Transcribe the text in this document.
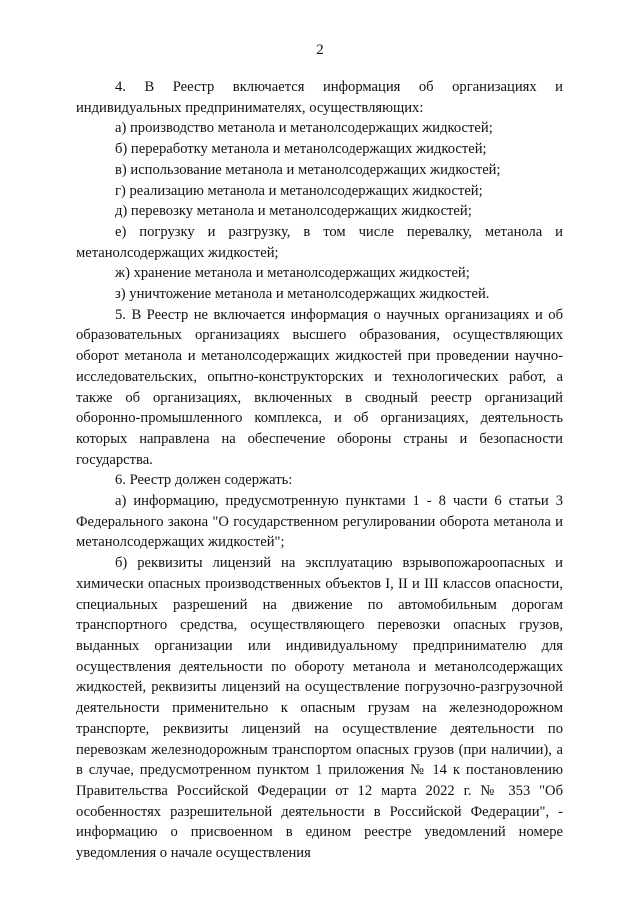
2

4. В Реестр включается информация об организациях и индивидуальных предпринимателях, осуществляющих:

а) производство метанола и метанолсодержащих жидкостей;

б) переработку метанола и метанолсодержащих жидкостей;

в) использование метанола и метанолсодержащих жидкостей;

г) реализацию метанола и метанолсодержащих жидкостей;

д) перевозку метанола и метанолсодержащих жидкостей;

е) погрузку и разгрузку, в том числе перевалку, метанола и метанолсодержащих жидкостей;

ж) хранение метанола и метанолсодержащих жидкостей;

з) уничтожение метанола и метанолсодержащих жидкостей.

5. В Реестр не включается информация о научных организациях и об образовательных организациях высшего образования, осуществляющих оборот метанола и метанолсодержащих жидкостей при проведении научно-исследовательских, опытно-конструкторских и технологических работ, а также об организациях, включенных в сводный реестр организаций оборонно-промышленного комплекса, и об организациях, деятельность которых направлена на обеспечение обороны страны и безопасности государства.

6. Реестр должен содержать:

а) информацию, предусмотренную пунктами 1 - 8 части 6 статьи 3 Федерального закона "О государственном регулировании оборота метанола и метанолсодержащих жидкостей";

б) реквизиты лицензий на эксплуатацию взрывопожароопасных и химически опасных производственных объектов I, II и III классов опасности, специальных разрешений на движение по автомобильным дорогам транспортного средства, осуществляющего перевозки опасных грузов, выданных организации или индивидуальному предпринимателю для осуществления деятельности по обороту метанола и метанолсодержащих жидкостей, реквизиты лицензий на осуществление погрузочно-разгрузочной деятельности применительно к опасным грузам на железнодорожном транспорте, реквизиты лицензий на осуществление деятельности по перевозкам железнодорожным транспортом опасных грузов (при наличии), а в случае, предусмотренном пунктом 1 приложения № 14 к постановлению Правительства Российской Федерации от 12 марта 2022 г. № 353 "Об особенностях разрешительной деятельности в Российской Федерации", - информацию о присвоенном в едином реестре уведомлений номере уведомления о начале осуществления
